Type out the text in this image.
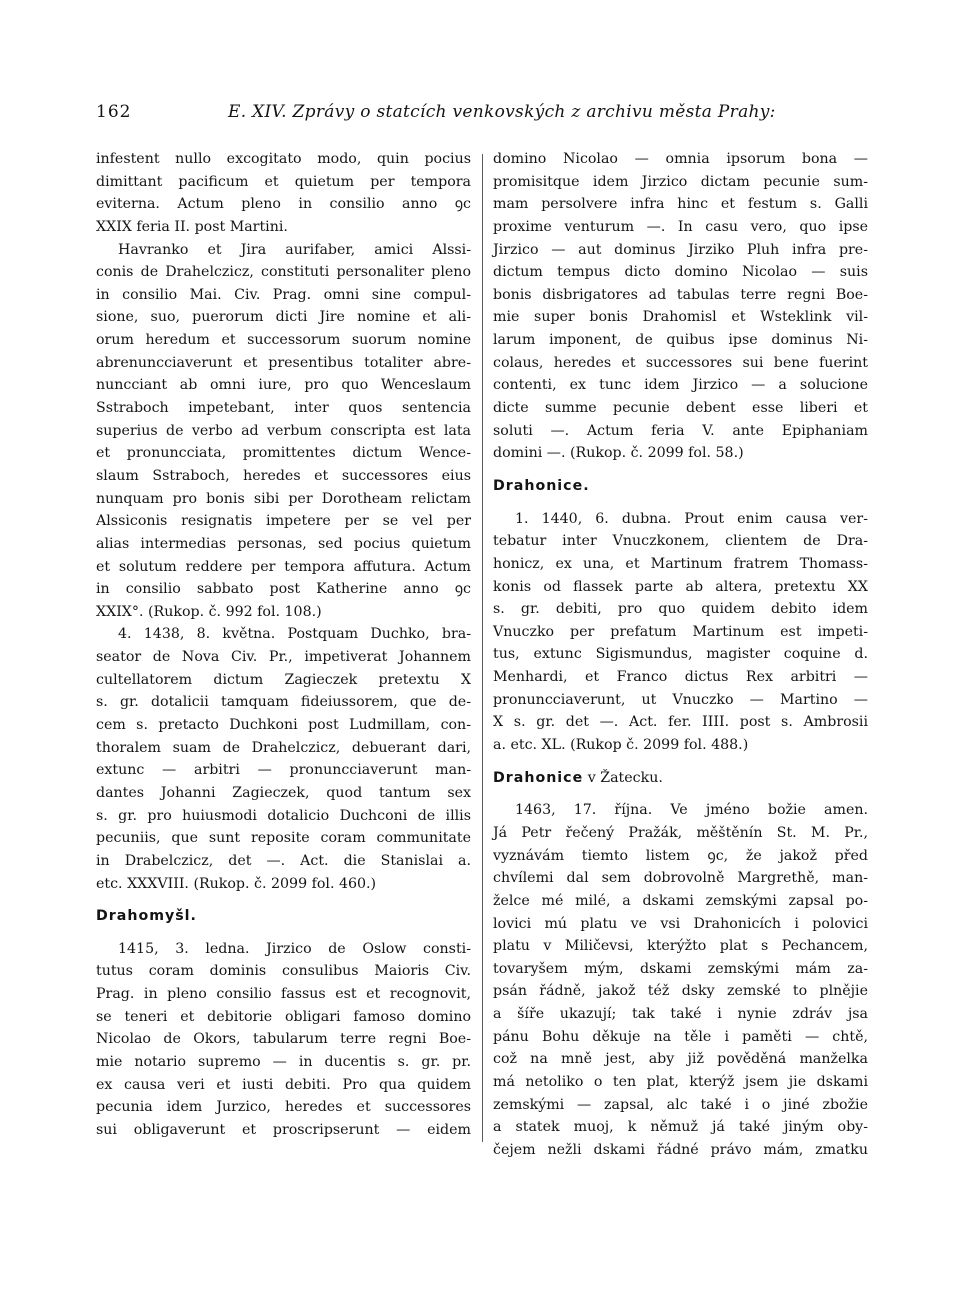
162	E. XIV. Zprávy o statcích venkovských z archivu města Prahy:
infestent nullo excogitato modo, quin pocius
dimittant pacificum et quietum per tempora
eviterna. Actum pleno in consilio anno ꝯc
XXIX feria II. post Martini.
Havranko et Jira aurifaber, amici Alssi-
conis de Drahelczicz, constituti personaliter pleno
in consilio Mai. Civ. Prag. omni sine compul-
sione, suo, puerorum dicti Jire nomine et ali-
orum heredum et successorum suorum nomine
abrenuncciaverunt et presentibus totaliter abre-
nuncciant ab omni iure, pro quo Wenceslaum
Sstraboch impetebant, inter quos sentencia
superius de verbo ad verbum conscripta est lata
et pronuncciata, promittentes dictum Wence-
slaum Sstraboch, heredes et successores eius
nunquam pro bonis sibi per Dorotheam relictam
Alssiconis resignatis impetere per se vel per
alias intermedias personas, sed pocius quietum
et solutum reddere per tempora affutura. Actum
in consilio sabbato post Katherine anno ꝯc
XXIX°. (Rukop. č. 992 fol. 108.)
4. 1438, 8. května. Postquam Duchko, bra-
seator de Nova Civ. Pr., impetiverat Johannem
cultellatorem dictum Zagieczek pretextu X
s. gr. dotalicii tamquam fideiussorem, que de-
cem s. pretacto Duchkoni post Ludmillam, con-
thoralem suam de Drahelczicz, debuerant dari,
extunc — arbitri — pronuncciaverunt man-
dantes Johanni Zagieczek, quod tantum sex
s. gr. pro huiusmodi dotalicio Duchconi de illis
pecuniis, que sunt reposite coram communitate
in Drabelczicz, det —. Act. die Stanislai a.
etc. XXXVIII. (Rukop. č. 2099 fol. 460.)
Drahomyšl.
1415, 3. ledna. Jirzico de Oslow consti-
tutus coram dominis consulibus Maioris Civ.
Prag. in pleno consilio fassus est et recognovit,
se teneri et debitorie obligari famoso domino
Nicolao de Okors, tabularum terre regni Boe-
mie notario supremo — in ducentis s. gr. pr.
ex causa veri et iusti debiti. Pro qua quidem
pecunia idem Jurzico, heredes et successores
sui obligaverunt et proscripserunt — eidem
domino Nicolao — omnia ipsorum bona —
promisitque idem Jirzico dictam pecunie sum-
mam persolvere infra hinc et festum s. Galli
proxime venturum —. In casu vero, quo ipse
Jirzico — aut dominus Jirziko Pluh infra pre-
dictum tempus dicto domino Nicolao — suis
bonis disbrigatores ad tabulas terre regni Boe-
mie super bonis Drahomisl et Wsteklink vil-
larum imponent, de quibus ipse dominus Ni-
colaus, heredes et successores sui bene fuerint
contenti, ex tunc idem Jirzico — a solucione
dicte summe pecunie debent esse liberi et
soluti —. Actum feria V. ante Epiphaniam
domini —. (Rukop. č. 2099 fol. 58.)
Drahonice.
1. 1440, 6. dubna. Prout enim causa ver-
tebatur inter Vnuczkonem, clientem de Dra-
honicz, ex una, et Martinum fratrem Thomass-
konis od flassek parte ab altera, pretextu XX
s. gr. debiti, pro quo quidem debito idem
Vnuczko per prefatum Martinum est impeti-
tus, extunc Sigismundus, magister coquine d.
Menhardi, et Franco dictus Rex arbitri —
pronuncciaverunt, ut Vnuczko — Martino —
X s. gr. det —. Act. fer. IIII. post s. Ambrosii
a. etc. XL. (Rukop č. 2099 fol. 488.)
Drahonice v Žatecku.
1463, 17. října. Ve jméno božie amen.
Já Petr řečený Pražák, měštěnín St. M. Pr.,
vyznávám tiemto listem ꝯc, že jakož před
chvílemi dal sem dobrovolně Margrethě, man-
želce mé milé, a dskami zemskými zapsal po-
lovici mú platu ve vsi Drahonicích i polovici
platu v Miličevsi, kterýžto plat s Pechancem,
tovaryšem mým, dskami zemskými mám za-
psán řádně, jakož též dsky zemské to plnějie
a šíře ukazují; tak také i nynie zdráv jsa
pánu Bohu děkuje na těle i paměti — chtě,
což na mně jest, aby již pověděná manželka
má netoliko o ten plat, kterýž jsem jie dskami
zemskými — zapsal, alc také i o jiné zbožie
a statek muoj, k němuž já také jiným oby-
čejem nežli dskami řádné právo mám, zmatku
